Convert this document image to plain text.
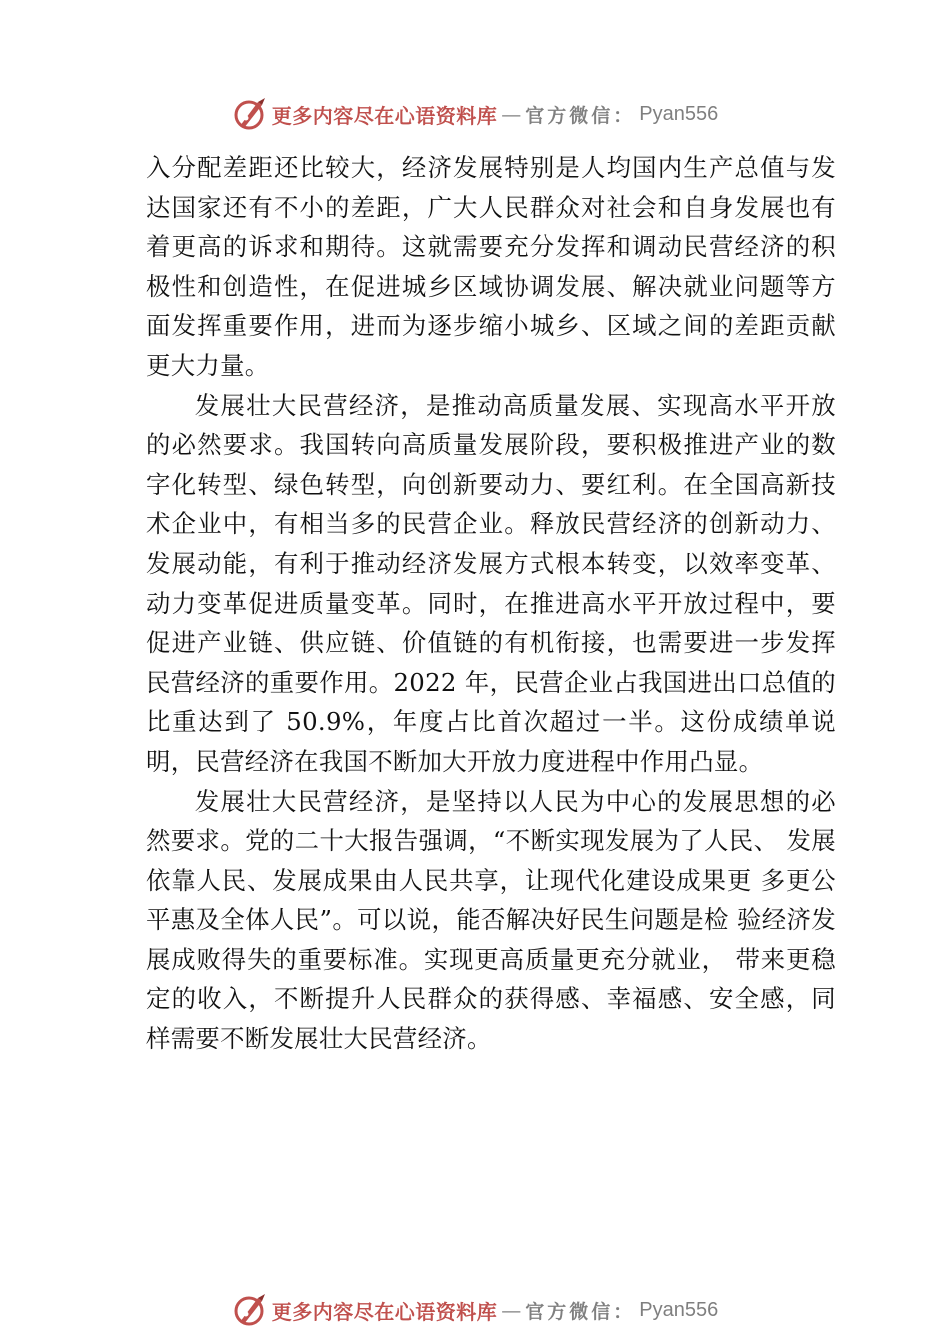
更多内容尽在心语资料库 — 官方微信： Pyan556

入分配差距还比较大，经济发展特别是人均国内生产总值与发达国家还有不小的差距，广大人民群众对社会和自身发展也有着更高的诉求和期待。这就需要充分发挥和调动民营经济的积极性和创造性，在促进城乡区域协调发展、解决就业问题等方面发挥重要作用，进而为逐步缩小城乡、区域之间的差距贡献更大力量。

发展壮大民营经济，是推动高质量发展、实现高水平开放的必然要求。我国转向高质量发展阶段，要积极推进产业的数字化转型、绿色转型，向创新要动力、要红利。在全国高新技术企业中，有相当多的民营企业。释放民营经济的创新动力、发展动能，有利于推动经济发展方式根本转变，以效率变革、动力变革促进质量变革。同时，在推进高水平开放过程中，要促进产业链、供应链、价值链的有机衔接，也需要进一步发挥民营经济的重要作用。2022 年，民营企业占我国进出口总值的比重达到了 50.9%，年度占比首次超过一半。这份成绩单说明，民营经济在我国不断加大开放力度进程中作用凸显。

发展壮大民营经济，是坚持以人民为中心的发展思想的必然要求。党的二十大报告强调，“不断实现发展为了人民、 发展依靠人民、发展成果由人民共享，让现代化建设成果更 多更公平惠及全体人民”。可以说，能否解决好民生问题是检 验经济发展成败得失的重要标准。实现更高质量更充分就业， 带来更稳定的收入，不断提升人民群众的获得感、幸福感、安全感，同样需要不断发展壮大民营经济。

更多内容尽在心语资料库 — 官方微信： Pyan556
